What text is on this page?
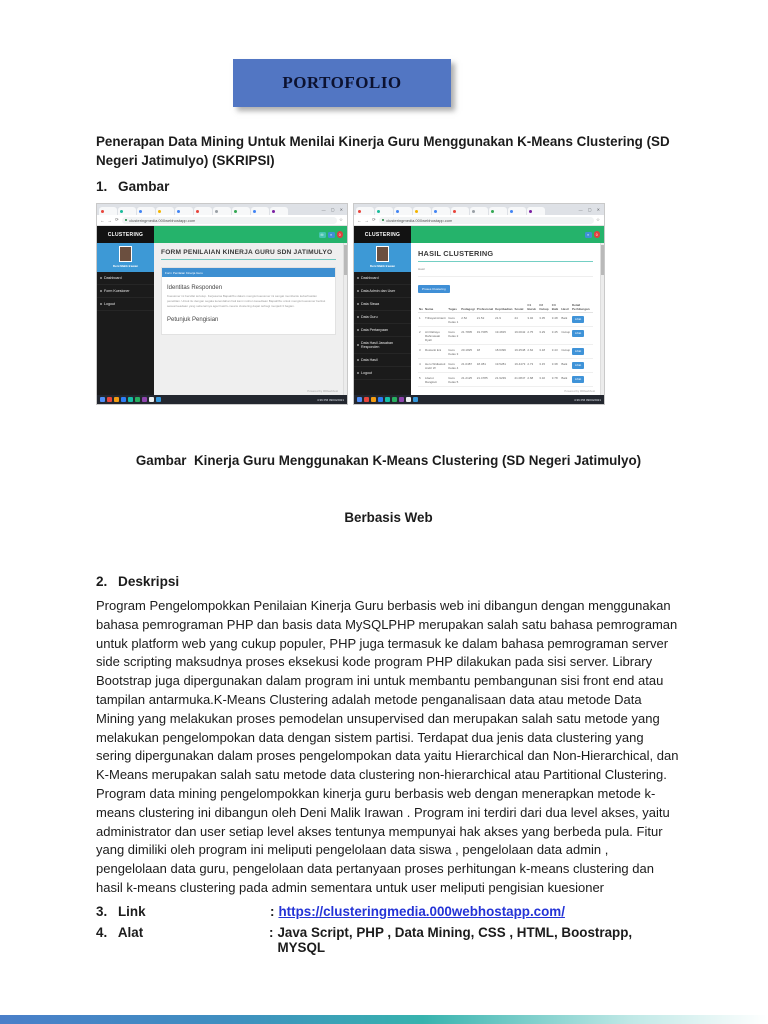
PORTOFOLIO
Penerapan Data Mining Untuk Menilai Kinerja Guru Menggunakan K-Means Clustering (SD Negeri Jatimulyo) (SKRIPSI)
1. Gambar
— ▢ ✕
← → ⟳ clusteringmedia.000webhostapp.com	☆
CLUSTERING	✉	≡	0
Deni Malik Irawan
Dashboard
Form Kuesioner
Logout
FORM PENILAIAN KINERJA GURU SDN JATIMULYO
Form Penilaian Kinerja Guru
Identitas Responden
Kuesioner ini bersifat tertutup. Kerjasama Bapak/Ibu dalam mengisi kuesioner ini sangat membantu keberhasilan penelitian. Untuk itu dengan segala kerendahan hati kami mohon kesediaan Bapak/Ibu untuk mengisi kuesioner berikut sesuai keadaan yang sebenarnya agar hasil k-means clustering dapat terbagi menjadi 3 bagian.
Petunjuk Pengisian
Powered by 000webhost
4:36 PM 09/04/2021
— ▢ ✕
← → ⟳ clusteringmedia.000webhostapp.com	☆
CLUSTERING	≡	0
Deni Malik Irawan
Dashboard
Data Admin dan User
Data Siswa
Data Guru
Data Pertanyaan
Data Hasil Jawaban Responden
Data Hasil
Logout
HASIL CLUSTERING
Hasil
Proses Clustering
No	Nama	Tugas	Pedagogi	Profesional	Kepribadian	Sosial	C1 Buruk	C2 Cukup	C3 Baik	Hasil	Detail Perhitungan
1	Trihayati Arianti	Guru Kelas 1	2.52	21.52	21.9	24	3.02	3.35	3.48	Baik	Lihat
2	Ari Rahayu Rahmawati Dyah	Guru Kelas 2	21.7805	19.7085	19.4815	19.0042	2.75	3.29	3.45	Cukup	Lihat
3	Rustanti Eni	Guru Kelas 3	20.1825	18	18.6396	19.2548	2.62	3.18	3.43	Cukup	Lihat
4	Heru Widiastuti Andri W	Guru Kelas 4	21.0487	18.381	19.5281	19.4473	2.73	3.15	3.38	Baik	Lihat
5	Lilacut Rangkuti	Guru Kelas 5	21.2125	21.4785	21.9239	21.0847	2.68	3.32	3.78	Baik	Lihat
Powered by 000webhost
4:36 PM 09/04/2021

Gambar  Kinerja Guru Menggunakan K-Means Clustering (SD Negeri Jatimulyo)

Berbasis Web

2. Deskripsi
Program Pengelompokkan Penilaian Kinerja Guru berbasis web ini dibangun dengan menggunakan bahasa pemrograman PHP dan basis data MySQLPHP merupakan salah satu bahasa pemrograman untuk platform web yang cukup populer, PHP juga termasuk ke dalam bahasa pemrograman server side scripting maksudnya proses eksekusi kode program PHP dilakukan pada sisi server. Library Bootstrap juga dipergunakan dalam program ini untuk membantu pembangunan sisi front end atau tampilan antarmuka.K-Means Clustering adalah metode penganalisaan data atau metode Data Mining yang melakukan proses pemodelan unsupervised dan merupakan salah satu metode yang melakukan pengelompokan data dengan sistem partisi. Terdapat dua jenis data clustering yang sering dipergunakan dalam proses pengelompokan data yaitu Hierarchical dan Non-Hierarchical, dan K-Means merupakan salah satu metode data clustering non-hierarchical atau Partitional Clustering. Program data mining pengelompokkan kinerja guru berbasis web dengan menerapkan metode k-means clustering ini dibangun oleh Deni Malik Irawan . Program ini terdiri dari dua level akses, yaitu administrator dan user setiap level akses tentunya mempunyai hak akses yang berbeda pula. Fitur yang dimiliki oleh program ini meliputi pengelolaan data siswa , pengelolaan data admin , pengelolaan data guru, pengelolaan data pertanyaan proses perhitungan k-means clustering dan hasil k-means clustering pada admin sementara untuk user meliputi pengisian kuesioner
3. Link	: https://clusteringmedia.000webhostapp.com/
4. Alat	: Java Script, PHP , Data Mining, CSS , HTML, Boostrapp, MYSQL
